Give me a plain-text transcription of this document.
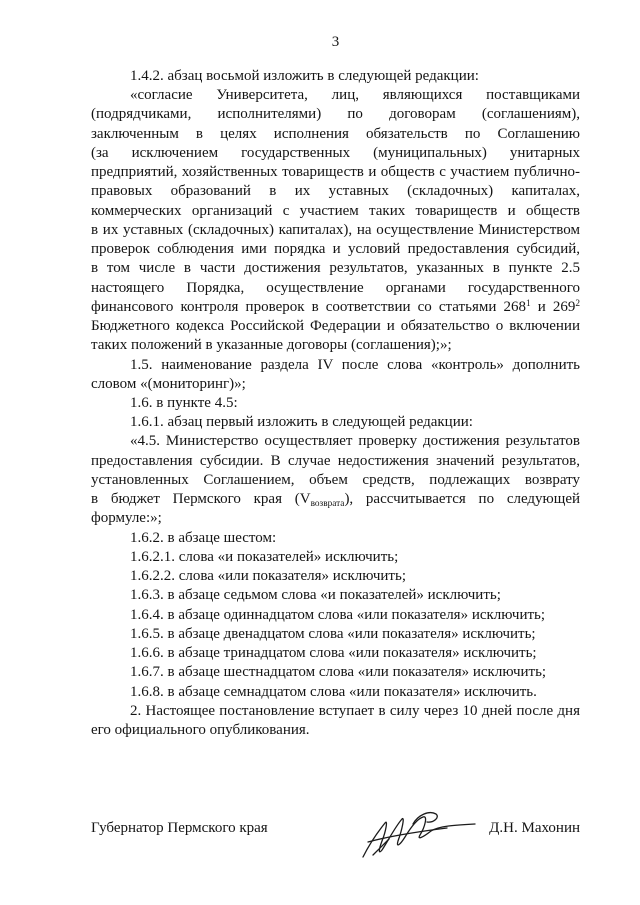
3
1.4.2. абзац восьмой изложить в следующей редакции:
«согласие Университета, лиц, являющихся поставщиками
(подрядчиками, исполнителями) по договорам (соглашениям),
заключенным в целях исполнения обязательств по Соглашению
(за исключением государственных (муниципальных) унитарных
предприятий, хозяйственных товариществ и обществ с участием публично-
правовых образований в их уставных (складочных) капиталах,
коммерческих организаций с участием таких товариществ и обществ
в их уставных (складочных) капиталах), на осуществление Министерством
проверок соблюдения ими порядка и условий предоставления субсидий,
в том числе в части достижения результатов, указанных в пункте 2.5
настоящего Порядка, осуществление органами государственного
финансового контроля проверок в соответствии со статьями $268^1$ и $269^2$
Бюджетного кодекса Российской Федерации и обязательство о включении
таких положений в указанные договоры (соглашения);»;
1.5. наименование раздела IV после слова «контроль» дополнить
словом «(мониторинг)»;
1.6. в пункте 4.5:
1.6.1. абзац первый изложить в следующей редакции:
«4.5. Министерство осуществляет проверку достижения результатов
предоставления субсидии. В случае недостижения значений результатов,
установленных Соглашением, объем средств, подлежащих возврату
в бюджет Пермского края (Vвозврата), рассчитывается по следующей
формуле:»;
1.6.2. в абзаце шестом:
1.6.2.1. слова «и показателей» исключить;
1.6.2.2. слова «или показателя» исключить;
1.6.3. в абзаце седьмом слова «и показателей» исключить;
1.6.4. в абзаце одиннадцатом слова «или показателя» исключить;
1.6.5. в абзаце двенадцатом слова «или показателя» исключить;
1.6.6. в абзаце тринадцатом слова «или показателя» исключить;
1.6.7. в абзаце шестнадцатом слова «или показателя» исключить;
1.6.8. в абзаце семнадцатом слова «или показателя» исключить.
2. Настоящее постановление вступает в силу через 10 дней после дня
его официального опубликования.
Губернатор Пермского края	Д.Н. Махонин
